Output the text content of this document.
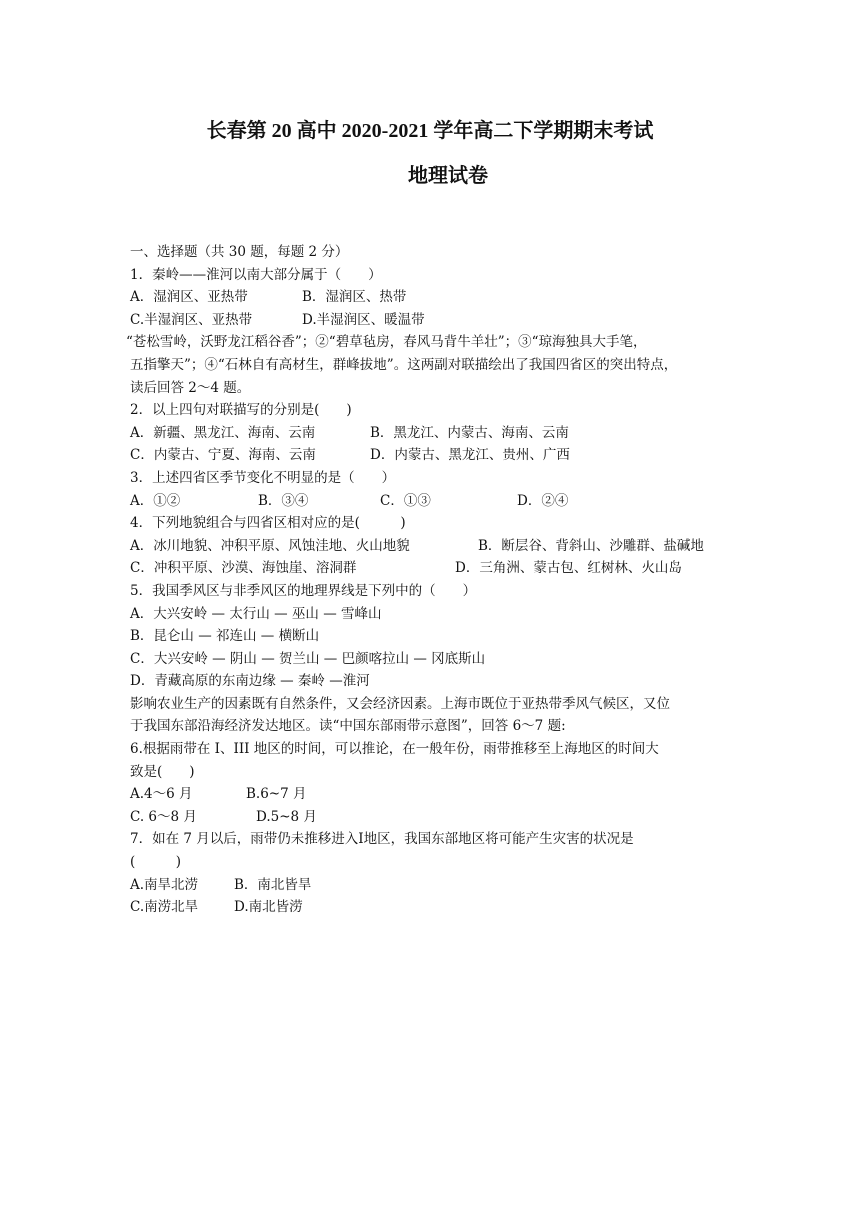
长春第 20 高中 2020-2021 学年高二下学期期末考试
地理试卷
一、选择题（共 30 题，每题 2 分）
1．秦岭——淮河以南大部分属于（　　）
A．湿润区、亚热带	B．湿润区、热带
C.半湿润区、亚热带	D.半湿润区、暖温带
“苍松雪岭，沃野龙江稻谷香”；②“碧草毡房，春风马背牛羊壮”；③“琼海独具大手笔，
五指擎天”；④“石林自有高材生，群峰拔地”。这两副对联描绘出了我国四省区的突出特点，
读后回答 2～4 题。
2．以上四句对联描写的分别是(　　)
A．新疆、黑龙江、海南、云南	B．黑龙江、内蒙古、海南、云南
C．内蒙古、宁夏、海南、云南	D．内蒙古、黑龙江、贵州、广西
3．上述四省区季节变化不明显的是（　　）
A．①②	B．③④	C．①③	D．②④
4．下列地貌组合与四省区相对应的是(　　　)
A．冰川地貌、冲积平原、风蚀洼地、火山地貌	B．断层谷、背斜山、沙雕群、盐碱地
C．冲积平原、沙漠、海蚀崖、溶洞群	D．三角洲、蒙古包、红树林、火山岛
5．我国季风区与非季风区的地理界线是下列中的（　　）
A．大兴安岭 — 太行山 — 巫山 — 雪峰山
B．昆仑山 — 祁连山 — 横断山
C．大兴安岭 — 阴山 — 贺兰山 — 巴颜喀拉山 — 冈底斯山
D．青藏高原的东南边缘 — 秦岭 —淮河
影响农业生产的因素既有自然条件，又会经济因素。上海市既位于亚热带季风气候区，又位
于我国东部沿海经济发达地区。读“中国东部雨带示意图”，回答 6～7 题:
6.根据雨带在 I、III 地区的时间，可以推论，在一般年份，雨带推移至上海地区的时间大
致是(　　)
A.4～6 月	B.6~7 月
C. 6～8 月	D.5~8 月
7．如在 7 月以后，雨带仍未推移进入Ⅰ地区，我国东部地区将可能产生灾害的状况是
(　　　)
A.南旱北涝	B．南北皆旱
C.南涝北旱	D.南北皆涝
